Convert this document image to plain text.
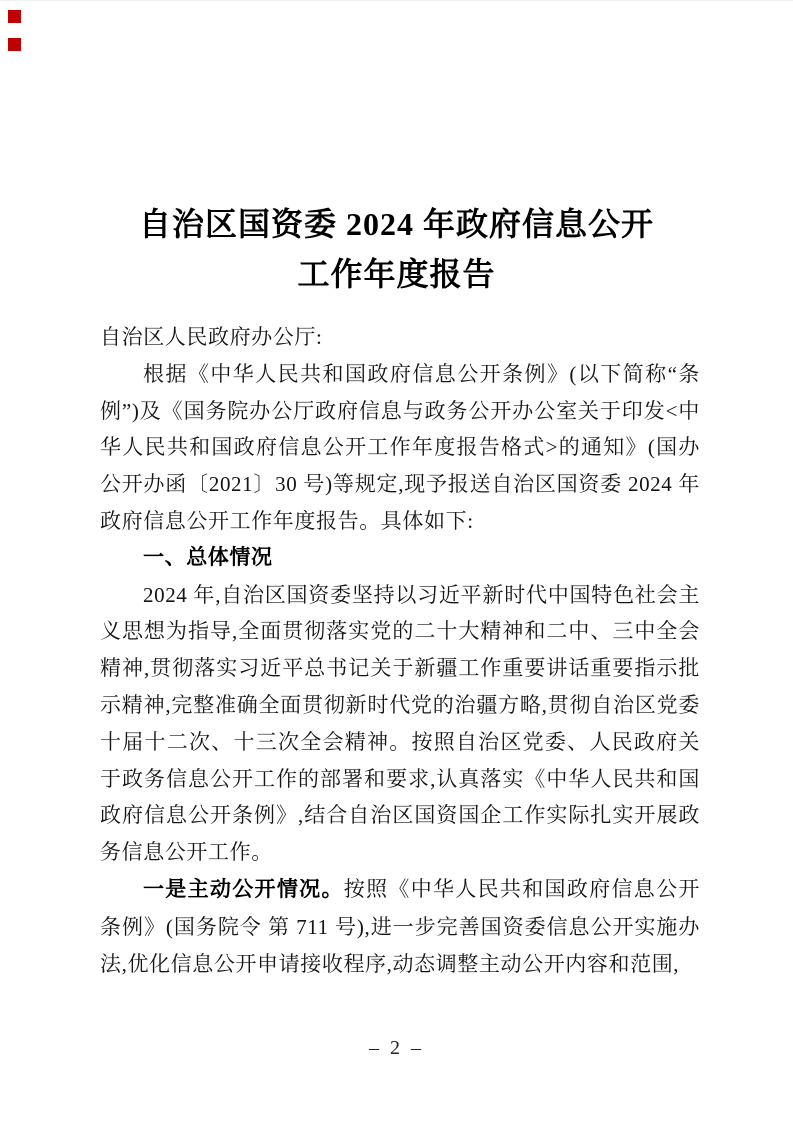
自治区国资委 2024 年政府信息公开
工作年度报告

自治区人民政府办公厅:

根据《中华人民共和国政府信息公开条例》(以下简称“条例”)及《国务院办公厅政府信息与政务公开办公室关于印发<中华人民共和国政府信息公开工作年度报告格式>的通知》(国办公开办函〔2021〕30 号)等规定,现予报送自治区国资委 2024 年政府信息公开工作年度报告。具体如下:

一、总体情况

2024 年,自治区国资委坚持以习近平新时代中国特色社会主义思想为指导,全面贯彻落实党的二十大精神和二中、三中全会精神,贯彻落实习近平总书记关于新疆工作重要讲话重要指示批示精神,完整准确全面贯彻新时代党的治疆方略,贯彻自治区党委十届十二次、十三次全会精神。按照自治区党委、人民政府关于政务信息公开工作的部署和要求,认真落实《中华人民共和国政府信息公开条例》,结合自治区国资国企工作实际扎实开展政务信息公开工作。

一是主动公开情况。按照《中华人民共和国政府信息公开条例》(国务院令 第 711 号),进一步完善国资委信息公开实施办法,优化信息公开申请接收程序,动态调整主动公开内容和范围,

– 2 –
